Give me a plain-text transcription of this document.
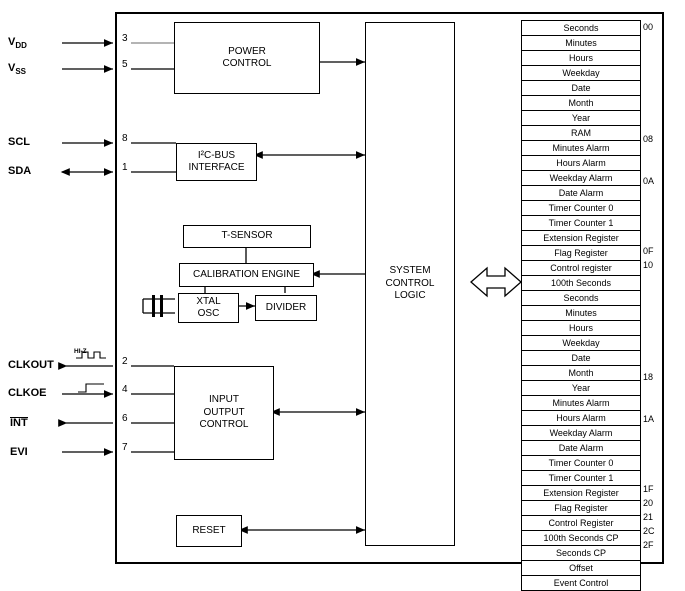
$V_{DD}$
$V_{SS}$
SCL
SDA
CLKOUT
CLKOE
INT
EVI
HI-Z
3
5
8
1
2
4
6
7
POWER
CONTROL
I²C-BUS
INTERFACE
T-SENSOR
CALIBRATION ENGINE
XTAL
OSC
DIVIDER
INPUT
OUTPUT
CONTROL
RESET
SYSTEM
CONTROL
LOGIC
Seconds
Minutes
Hours
Weekday
Date
Month
Year
RAM
Minutes Alarm
Hours Alarm
Weekday Alarm
Date Alarm
Timer Counter 0
Timer Counter 1
Extension Register
Flag Register
Control register
100th Seconds
Seconds
Minutes
Hours
Weekday
Date
Month
Year
Minutes Alarm
Hours Alarm
Weekday Alarm
Date Alarm
Timer Counter 0
Timer Counter 1
Extension Register
Flag Register
Control Register
100th Seconds CP
Seconds CP
Offset
Event Control
00
08
0A
0F
10
18
1A
1F
20
21
2C
2F
